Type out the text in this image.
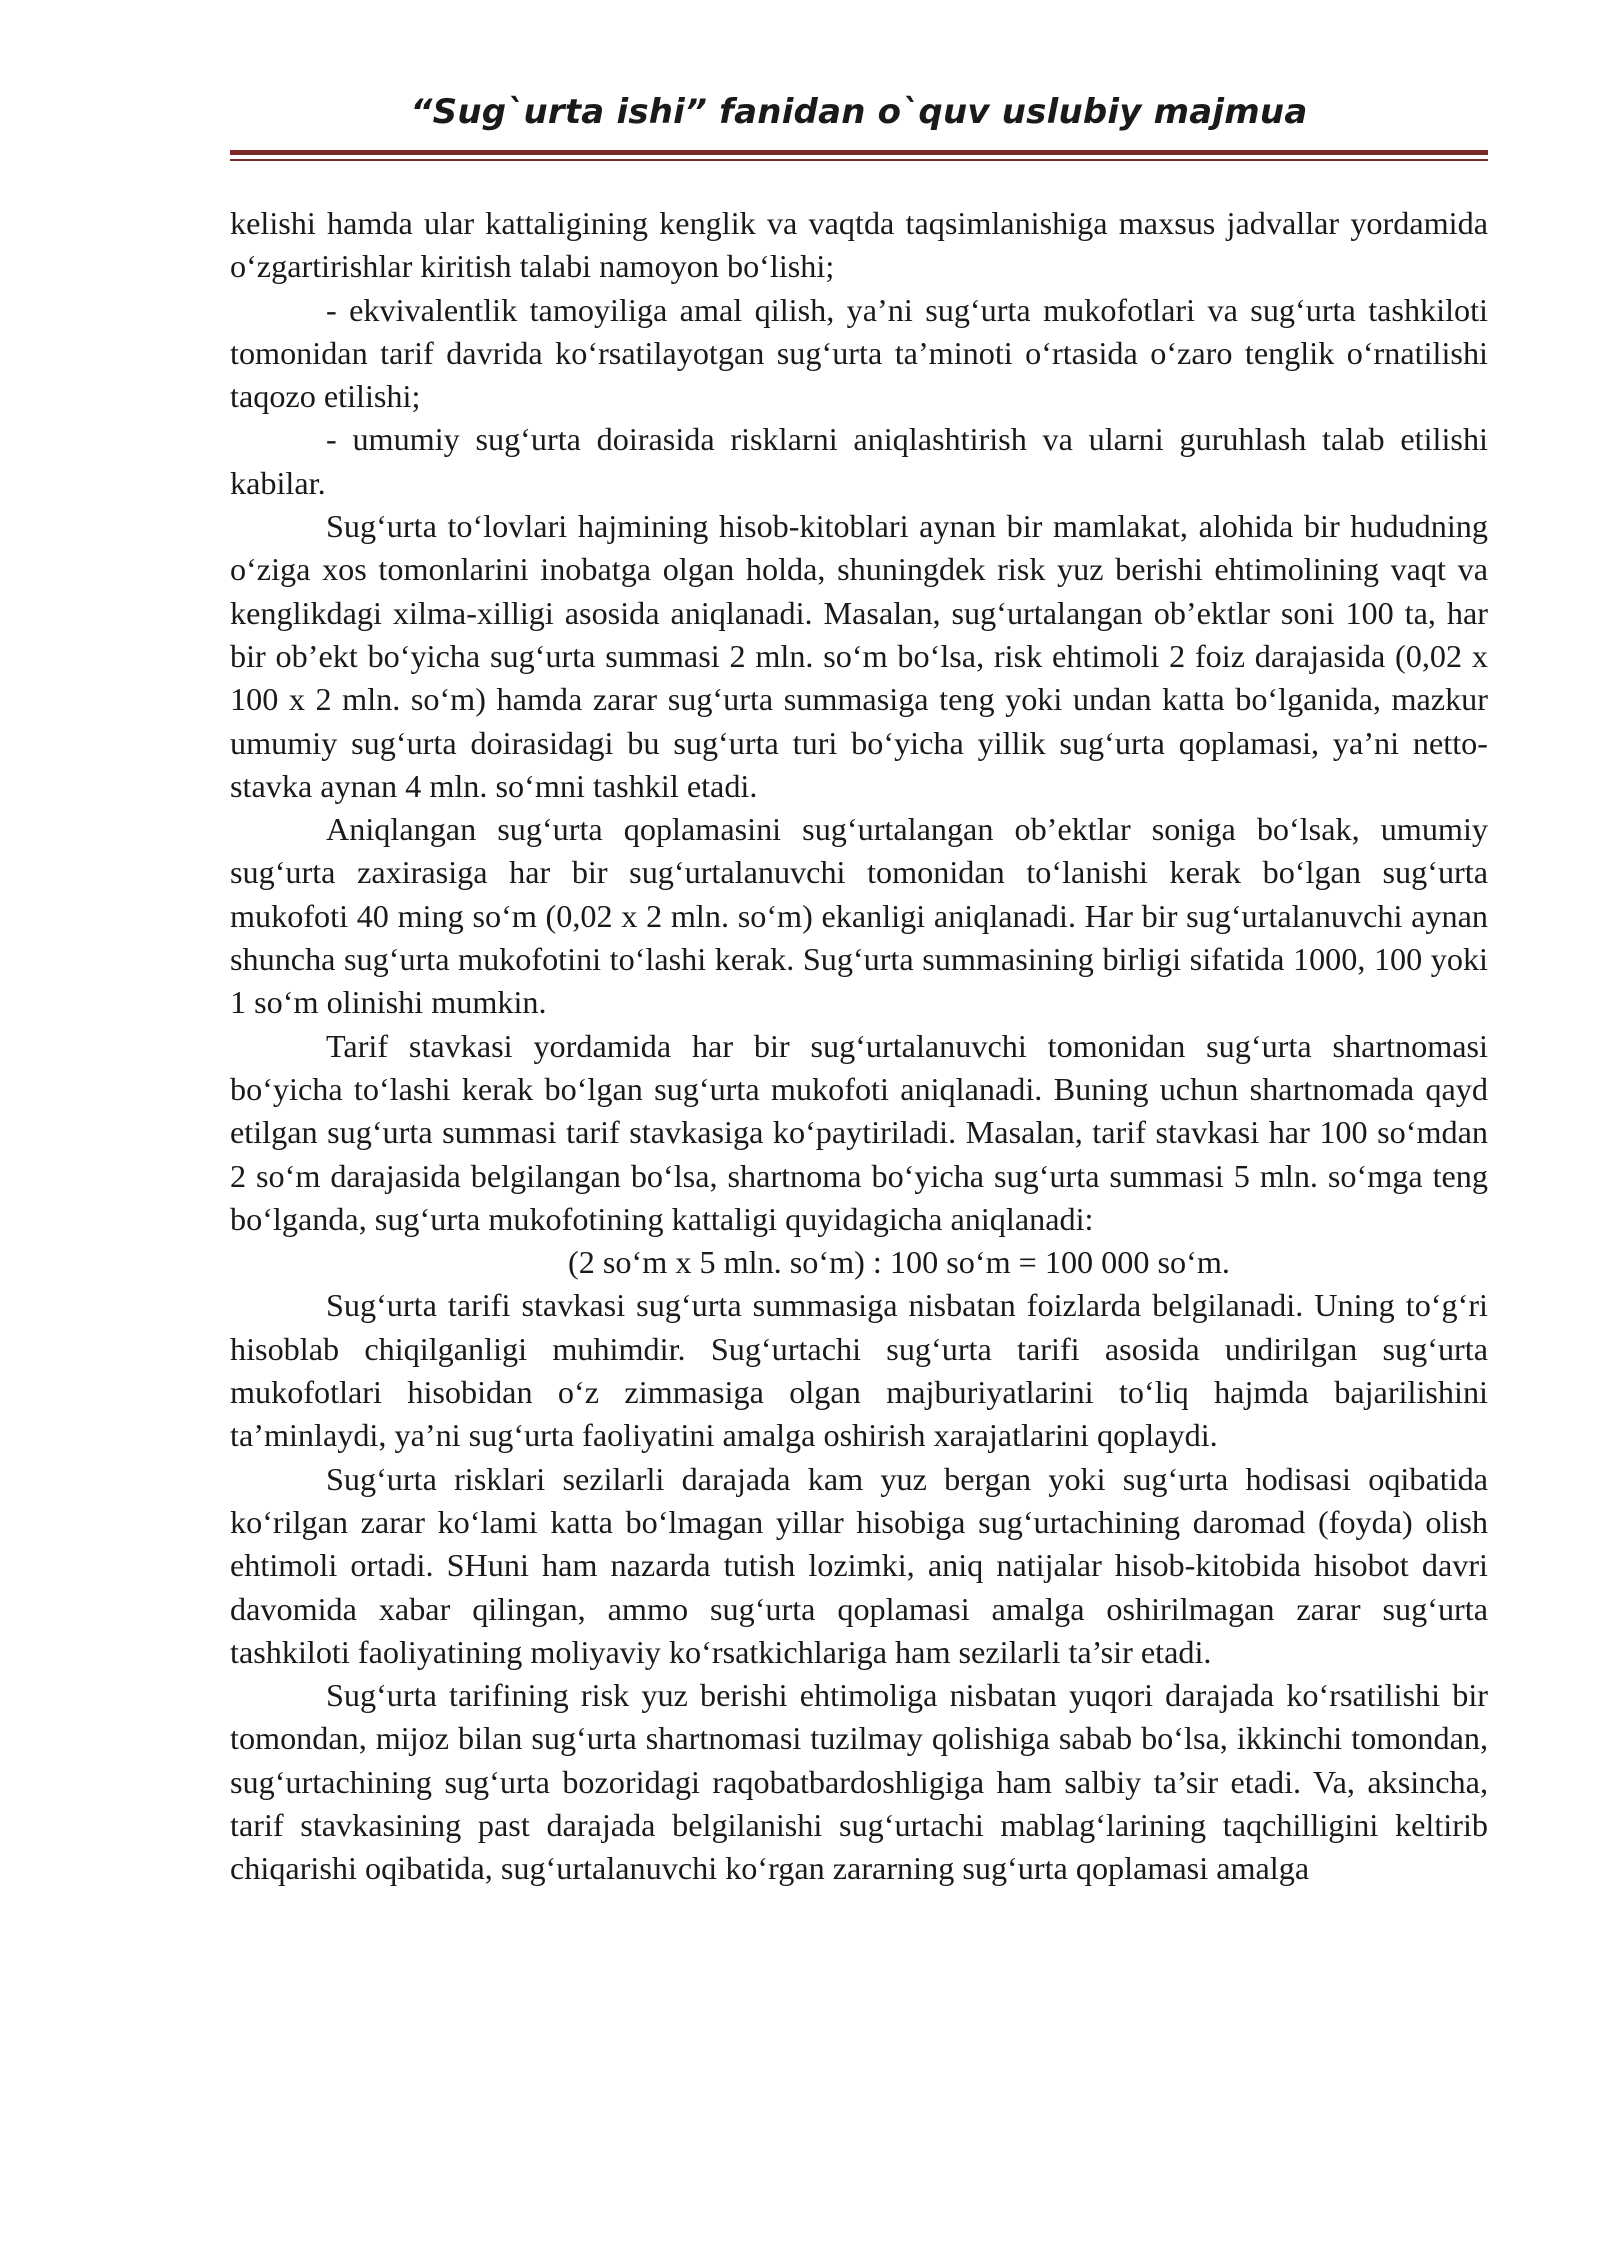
“Sug`urta ishi” fanidan o`quv uslubiy majmua

kelishi hamda ular kattaligining kenglik va vaqtda taqsimlanishiga maxsus jadvallar yordamida oʻzgartirishlar kiritish talabi namoyon boʻlishi;

- ekvivalentlik tamoyiliga amal qilish, ya’ni sugʻurta mukofotlari va sugʻurta tashkiloti tomonidan tarif davrida koʻrsatilayotgan sugʻurta ta’minoti oʻrtasida oʻzaro tenglik oʻrnatilishi taqozo etilishi;

- umumiy sugʻurta doirasida risklarni aniqlashtirish va ularni guruhlash talab etilishi kabilar.

Sugʻurta toʻlovlari hajmining hisob-kitoblari aynan bir mamlakat, alohida bir hududning oʻziga xos tomonlarini inobatga olgan holda, shuningdek risk yuz berishi ehtimolining vaqt va kenglikdagi xilma-xilligi asosida aniqlanadi. Masalan, sugʻurtalangan ob’ektlar soni 100 ta, har bir ob’ekt boʻyicha sugʻurta summasi 2 mln. soʻm boʻlsa, risk ehtimoli 2 foiz darajasida (0,02 x 100 x 2 mln. soʻm) hamda zarar sugʻurta summasiga teng yoki undan katta boʻlganida, mazkur umumiy sugʻurta doirasidagi bu sugʻurta turi boʻyicha yillik sugʻurta qoplamasi, ya’ni netto-stavka aynan 4 mln. soʻmni tashkil etadi.

Aniqlangan sugʻurta qoplamasini sugʻurtalangan ob’ektlar soniga boʻlsak, umumiy sugʻurta zaxirasiga har bir sugʻurtalanuvchi tomonidan toʻlanishi kerak boʻlgan sugʻurta mukofoti 40 ming soʻm (0,02 x 2 mln. soʻm) ekanligi aniqlanadi. Har bir sugʻurtalanuvchi aynan shuncha sugʻurta mukofotini toʻlashi kerak. Sugʻurta summasining birligi sifatida 1000, 100 yoki 1 soʻm olinishi mumkin.

Tarif stavkasi yordamida har bir sugʻurtalanuvchi tomonidan sugʻurta shartnomasi boʻyicha toʻlashi kerak boʻlgan sugʻurta mukofoti aniqlanadi. Buning uchun shartnomada qayd etilgan sugʻurta summasi tarif stavkasiga koʻpaytiriladi. Masalan, tarif stavkasi har 100 soʻmdan 2 soʻm darajasida belgilangan boʻlsa, shartnoma boʻyicha sugʻurta summasi 5 mln. soʻmga teng boʻlganda, sugʻurta mukofotining kattaligi quyidagicha aniqlanadi:

(2 soʻm x 5 mln. soʻm) : 100 soʻm = 100 000 soʻm.

Sugʻurta tarifi stavkasi sugʻurta summasiga nisbatan foizlarda belgilanadi. Uning toʻgʻri hisoblab chiqilganligi muhimdir. Sugʻurtachi sugʻurta tarifi asosida undirilgan sugʻurta mukofotlari hisobidan oʻz zimmasiga olgan majburiyatlarini toʻliq hajmda bajarilishini ta’minlaydi, ya’ni sugʻurta faoliyatini amalga oshirish xarajatlarini qoplaydi.

Sugʻurta risklari sezilarli darajada kam yuz bergan yoki sugʻurta hodisasi oqibatida koʻrilgan zarar koʻlami katta boʻlmagan yillar hisobiga sugʻurtachining daromad (foyda) olish ehtimoli ortadi. SHuni ham nazarda tutish lozimki, aniq natijalar hisob-kitobida hisobot davri davomida xabar qilingan, ammo sugʻurta qoplamasi amalga oshirilmagan zarar sugʻurta tashkiloti faoliyatining moliyaviy koʻrsatkichlariga ham sezilarli ta’sir etadi.

Sugʻurta tarifining risk yuz berishi ehtimoliga nisbatan yuqori darajada koʻrsatilishi bir tomondan, mijoz bilan sugʻurta shartnomasi tuzilmay qolishiga sabab boʻlsa, ikkinchi tomondan, sugʻurtachining sugʻurta bozoridagi raqobatbardoshligiga ham salbiy ta’sir etadi. Va, aksincha, tarif stavkasining past darajada belgilanishi sugʻurtachi mablagʻlarining taqchilligini keltirib chiqarishi oqibatida, sugʻurtalanuvchi koʻrgan zararning sugʻurta qoplamasi amalga
